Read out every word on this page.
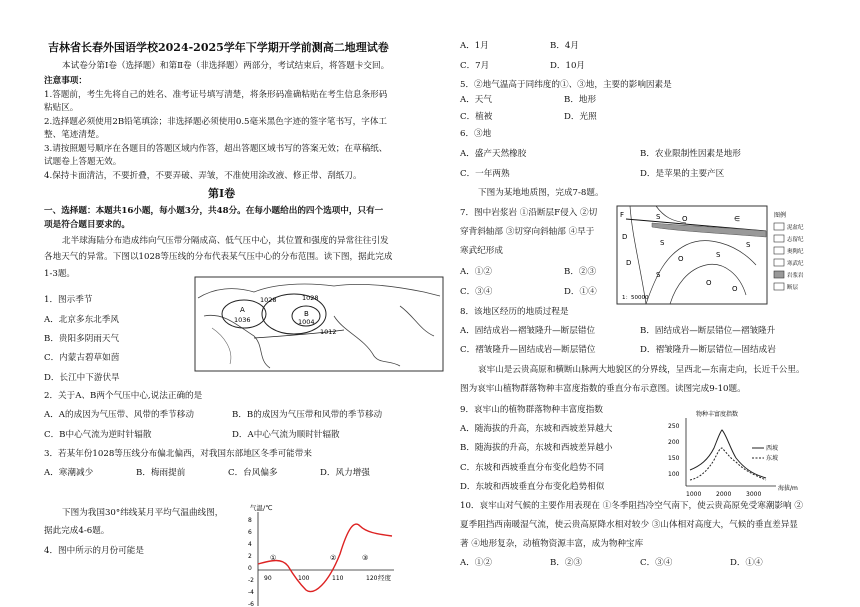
吉林省长春外国语学校2024-2025学年下学期开学前测高二地理试卷
本试卷分第Ⅰ卷（选择题）和第Ⅱ卷（非选择题）两部分，考试结束后，将答题卡交回。
注意事项：
1.答题前，考生先将自己的姓名、准考证号填写清楚，将条形码准确粘贴在考生信息条形码
粘贴区。
2.选择题必须使用2B铅笔填涂；非选择题必须使用0.5毫米黑色字迹的签字笔书写，字体工
整、笔迹清楚。
3.请按照题号顺序在各题目的答题区域内作答，超出答题区域书写的答案无效；在草稿纸、
试题卷上答题无效。
4.保持卡面清洁，不要折叠，不要弄破、弄皱，不准使用涂改液、修正带、刮纸刀。
第Ⅰ卷
一、选择题：本题共16小题，每小题3分，共48分。在每小题给出的四个选项中，只有一
项是符合题目要求的。
北半球海陆分布造成纬向气压带分隔成高、低气压中心，其位置和强度的异常往往引发
各地天气的异常。下图以1028等压线的分布代表某气压中心的分布范围。读下图，据此完成
1-3题。
1．图示季节
A．北京多东北季风
B．贵阳多阴雨天气
C．内蒙古碧草如茵
D．长江中下游伏旱
2．关于A、B两个气压中心,说法正确的是
A．A的成因为气压带、风带的季节移动	B．B的成因为气压带和风带的季节移动
C．B中心气流为逆时针辐散	D．A中心气流为顺时针辐散
3．若某年份1028等压线分布偏北偏西，对我国东部地区冬季可能带来
A．寒潮减少	B．梅雨提前	C．台风偏多	D．风力增强
下图为我国30°纬线某月平均气温曲线图，
据此完成4-6题。
4．图中所示的月份可能是
1028	1028
A
1036
B
1004
1012
气温/℃
8
6
4
2
0
-2
-4
-6
90	100	110	120 经度
①	②	③
A．1月	B．4月
C．7月	D．10月
5．②地气温高于同纬度的①、③地，主要的影响因素是
A．天气	B．地形
C．植被	D．光照
6．③地
A．盛产天然橡胶	B．农业限制性因素是地形
C．一年两熟	D．是苹果的主要产区
下图为某地地质图，完成7-8题。
7．图中岩浆岩 ①沿断层F侵入 ②切
穿背斜轴部 ③切穿向斜轴部 ④早于
寒武纪形成
A．①②	B．②③
C．③④	D．①④
8．该地区经历的地质过程是
A．固结成岩—褶皱隆升—断层错位	B．固结成岩—断层错位—褶皱隆升
C．褶皱隆升—固结成岩—断层错位	D．褶皱隆升—断层错位—固结成岩
哀牢山是云贵高原和横断山脉两大地貌区的分界线，呈西北—东南走向，长近千公里。
图为哀牢山植物群落物种丰富度指数的垂直分布示意图。读图完成9-10题。
9．哀牢山的植物群落物种丰富度指数
A．随海拔的升高，东坡和西坡差异越大
B．随海拔的升高，东坡和西坡差异越小
C．东坡和西坡垂直分布变化趋势不同
D．东坡和西坡垂直分布变化趋势相似
10．哀牢山对气候的主要作用表现在 ①冬季阻挡冷空气南下，使云贵高原免受寒潮影响 ②
夏季阻挡西南暖湿气流，使云贵高原降水相对较少 ③山体相对高度大，气候的垂直差异显
著 ④地形复杂，动植物资源丰富，成为物种宝库
A．①②	B．②③	C．③④	D．①④
F
D
S	O	∈
D
S
O
S
O
S
O
S
1：50000
图例
泥盆纪
志留纪
奥陶纪
寒武纪
岩浆岩
断层
物种丰富度指数
250
200
150
100
1000 2000 3000
海拔/m
西坡
东坡
